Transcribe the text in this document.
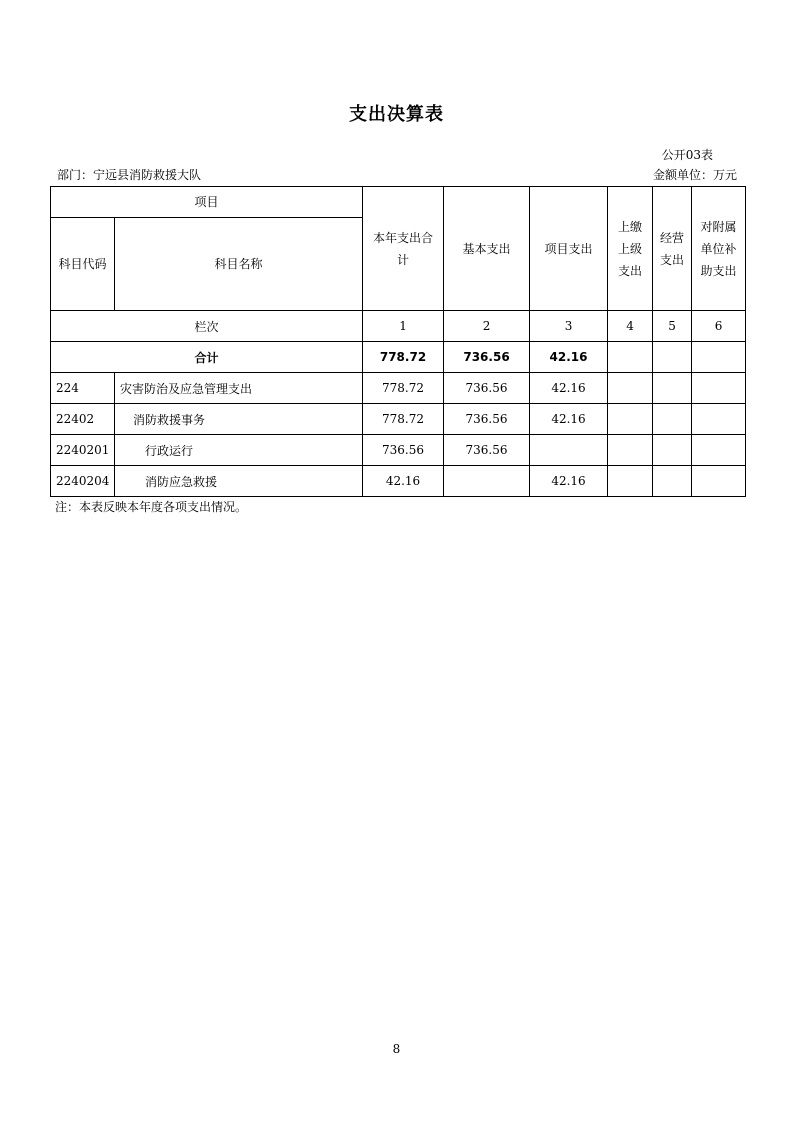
支出决算表
公开03表
部门：宁远县消防救援大队	金额单位：万元
项目		本年支出合计	基本支出	项目支出	上缴上级支出	经营支出	对附属单位补助支出
科目代码	科目名称						
栏次		1	2	3	4	5	6
合计		778.72	736.56	42.16			
224	灾害防治及应急管理支出	778.72	736.56	42.16			
22402	消防救援事务	778.72	736.56	42.16			
2240201	行政运行	736.56	736.56				
2240204	消防应急救援	42.16		42.16			
注：本表反映本年度各项支出情况。
8
